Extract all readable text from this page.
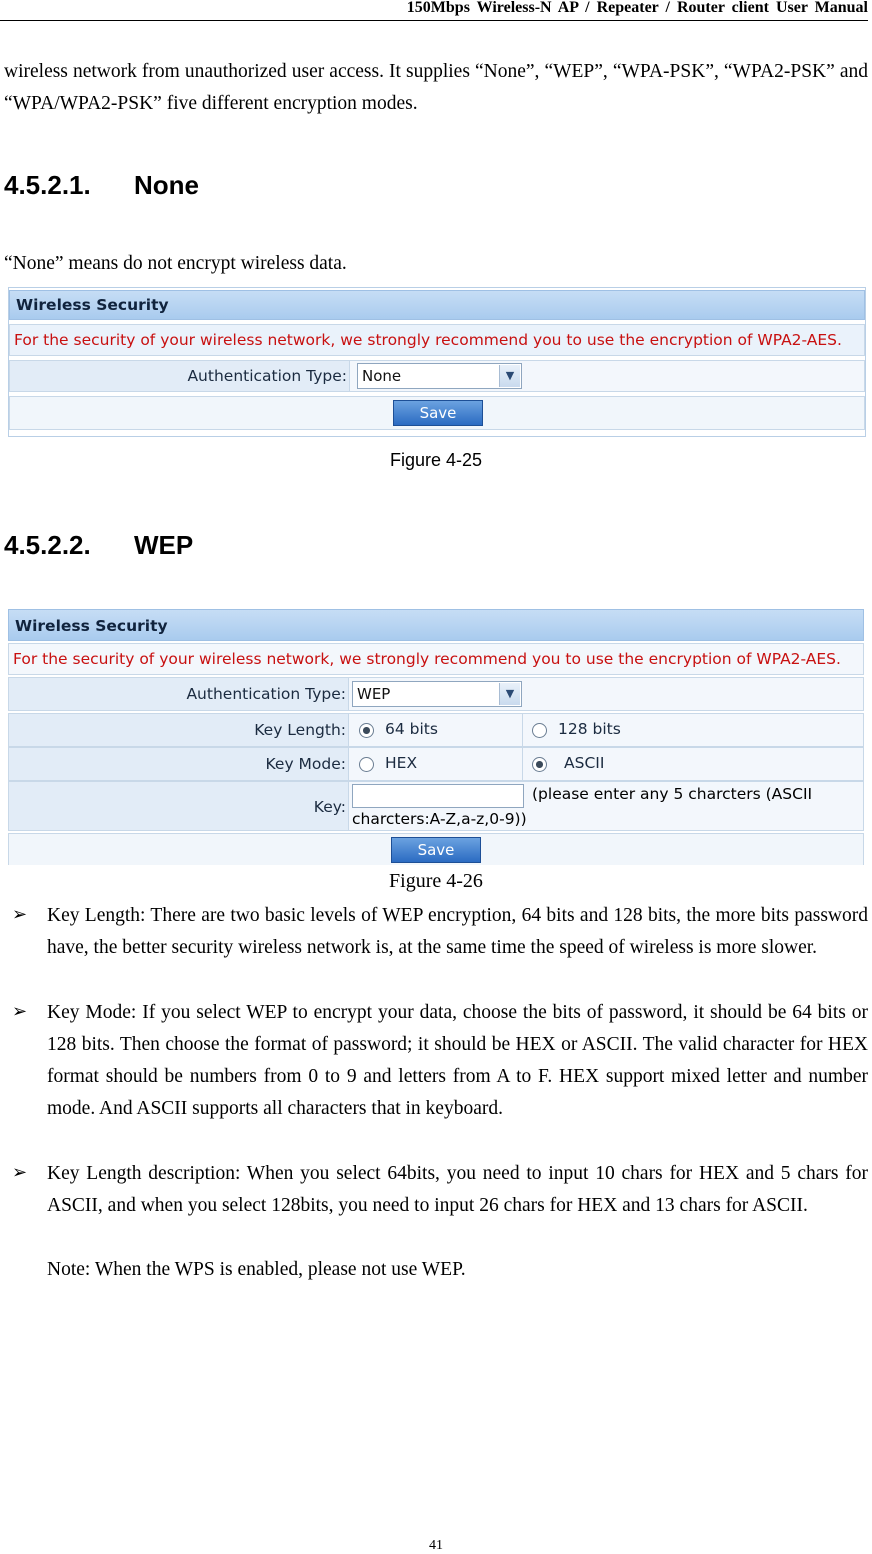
150Mbps Wireless-N AP / Repeater / Router client User Manual
wireless network from unauthorized user access. It supplies “None”, “WEP”, “WPA-PSK”, “WPA2-PSK” and “WPA/WPA2-PSK” five different encryption modes.
4.5.2.1. None
“None” means do not encrypt wireless data.
Wireless Security
For the security of your wireless network, we strongly recommend you to use the encryption of WPA2-AES.
Authentication Type:	None	▼
Save
Figure 4-25
4.5.2.2. WEP
Wireless Security
For the security of your wireless network, we strongly recommend you to use the encryption of WPA2-AES.
Authentication Type: WEP	▼
Key Length:	64 bits	128 bits
Key Mode:	HEX	ASCII
Key:
(please enter any 5 charcters (ASCII
charcters:A-Z,a-z,0-9))
Save
Figure 4-26
➢ Key Length: There are two basic levels of WEP encryption, 64 bits and 128 bits, the more bits password have, the better security wireless network is, at the same time the speed of wireless is more slower.
➢ Key Mode: If you select WEP to encrypt your data, choose the bits of password, it should be 64 bits or 128 bits. Then choose the format of password; it should be HEX or ASCII. The valid character for HEX format should be numbers from 0 to 9 and letters from A to F. HEX support mixed letter and number mode. And ASCII supports all characters that in keyboard.
➢ Key Length description: When you select 64bits, you need to input 10 chars for HEX and 5 chars for ASCII, and when you select 128bits, you need to input 26 chars for HEX and 13 chars for ASCII.
Note: When the WPS is enabled, please not use WEP.
41
